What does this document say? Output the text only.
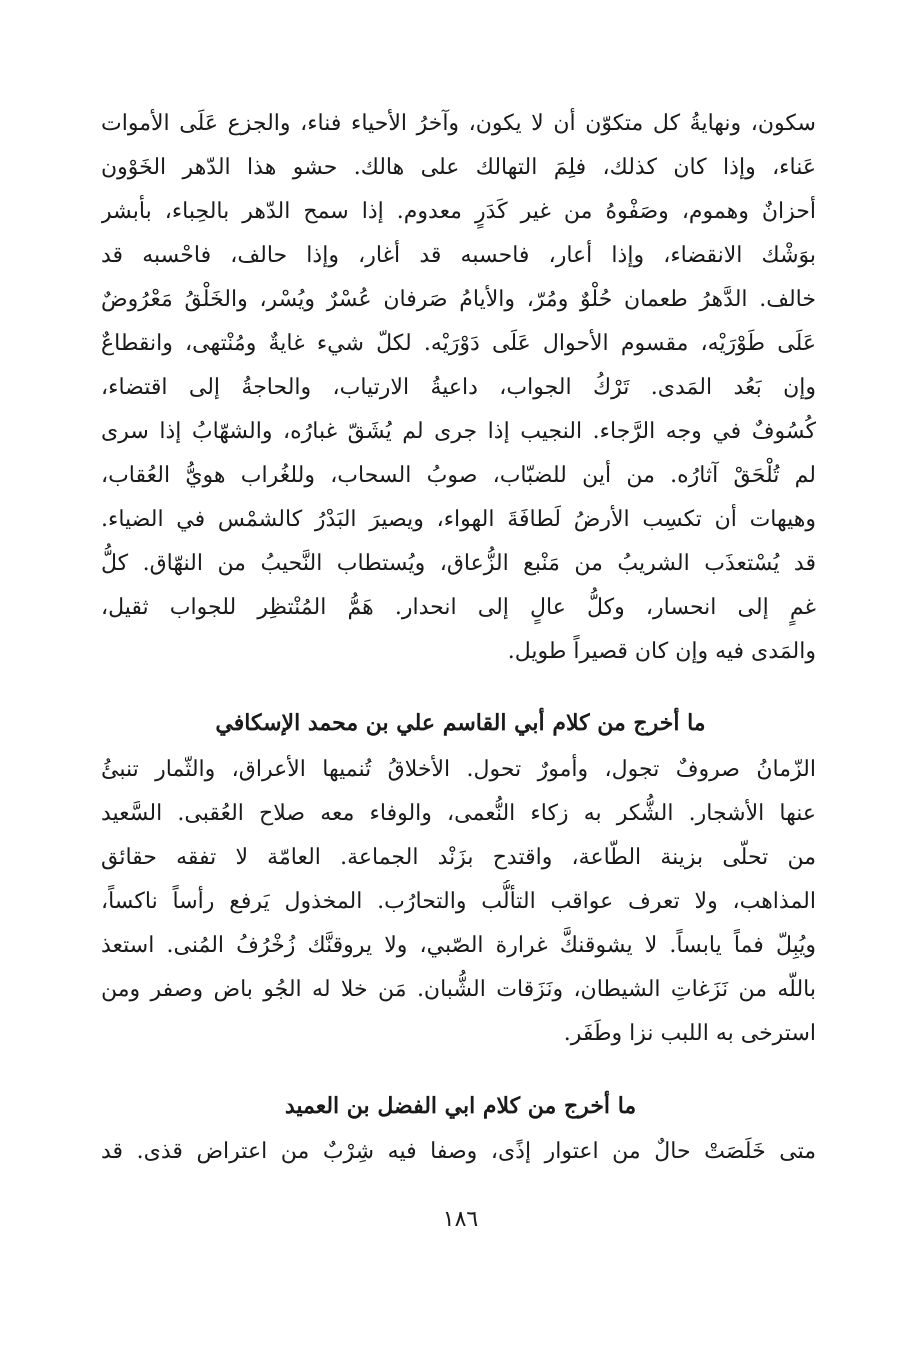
سكون، ونهايةُ كل متكوّن أن لا يكون، وآخرُ الأحياء فناء، والجزع عَلَى الأموات
عَناء، وإذا كان كذلك، فلِمَ التهالك على هالك. حشو هذا الدّهر الخَوْون
أحزانٌ وهموم، وصَفْوهُ من غير كَدَرٍ معدوم. إذا سمح الدّهر بالحِباء، بأبشر
بوَشْك الانقضاء، وإذا أعار، فاحسبه قد أغار، وإذا حالف، فاحْسبه قد
خالف. الدَّهرُ طعمان حُلْوٌ ومُرّ، والأيامُ صَرفان عُسْرٌ ويُسْر، والخَلْقُ مَعْرُوضٌ
عَلَى طَوْرَيْه، مقسوم الأحوال عَلَى دَوْرَيْه. لكلّ شيء غايةٌ ومُنْتهى، وانقطاعٌ
وإن بَعُد المَدى. تَرْكُ الجواب، داعيةُ الارتياب، والحاجةُ إلى اقتضاء،
كُسُوفٌ في وجه الرَّجاء. النجيب إذا جرى لم يُشَقّ غبارُه، والشهّابُ إذا سرى
لم تُلْحَقْ آثارُه. من أين للضبّاب، صوبُ السحاب، وللغُراب هويُّ العُقاب،
وهيهات أن تكسِب الأرضُ لَطافَةَ الهواء، ويصيرَ البَدْرُ كالشمْس في الضياء.
قد يُسْتعذَب الشريبُ من مَنْبع الزُّعاق، ويُستطاب النَّحيبُ من النهّاق. كلُّ
غمٍ إلى انحسار، وكلُّ عالٍ إلى انحدار. هَمُّ المُنْتظِر للجواب ثقيل،
والمَدى فيه وإن كان قصيراً طويل.
ما أخرج من كلام أبي القاسم علي بن محمد الإسكافي
الزّمانُ صروفٌ تجول، وأمورٌ تحول. الأخلاقُ تُنميها الأعراق، والثّمار تنبئُ
عنها الأشجار. الشُّكر به زكاء النُّعمى، والوفاء معه صلاح العُقبى. السَّعيد
من تحلّى بزينة الطّاعة، واقتدح بزَنْد الجماعة. العامّة لا تفقه حقائق
المذاهب، ولا تعرف عواقب التألُّب والتحارُب. المخذول يَرفع رأساً ناكساً،
ويُبِلّ فماً يابساً. لا يشوقنكَّ غرارة الصّبي، ولا يروقنَّك زُخْرُفُ المُنى. استعذ
باللّه من نَزَغاتِ الشيطان، ونَزَقات الشُّبان. مَن خلا له الجُو باض وصفر ومن
استرخى به اللبب نزا وطَفَر.
ما أخرج من كلام ابي الفضل بن العميد
متى خَلَصَتْ حالٌ من اعتوار إذًى، وصفا فيه شِرْبٌ من اعتراض قذى. قد
١٨٦
